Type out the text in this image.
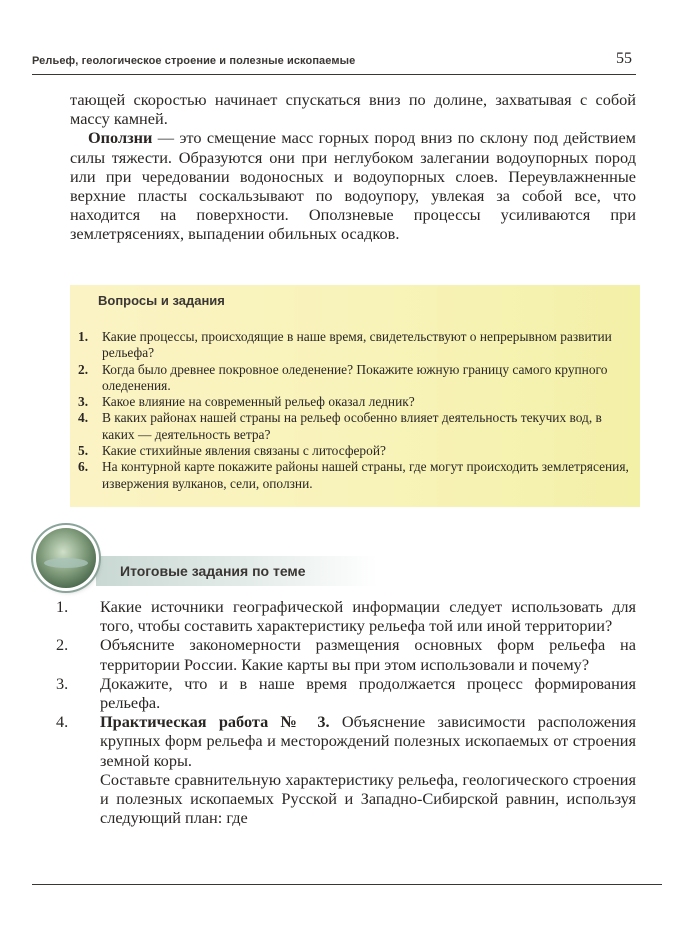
Рельеф, геологическое строение и полезные ископаемые	55

тающей скоростью начинает спускаться вниз по долине, захватывая с собой массу камней.

Оползни — это смещение масс горных пород вниз по склону под действием силы тяжести. Образуются они при неглубоком залегании водоупорных пород или при чередовании водоносных и водоупорных слоев. Переувлажненные верхние пласты соскальзывают по водоупору, увлекая за собой все, что находится на поверхности. Оползневые процессы усиливаются при землетрясениях, выпадении обильных осадков.

Вопросы и задания
1.	Какие процессы, происходящие в наше время, свидетельствуют о непрерывном развитии рельефа?
2.	Когда было древнее покровное оледенение? Покажите южную границу самого крупного оледенения.
3.	Какое влияние на современный рельеф оказал ледник?
4.	В каких районах нашей страны на рельеф особенно влияет деятельность текучих вод, в каких — деятельность ветра?
5.	Какие стихийные явления связаны с литосферой?
6.	На контурной карте покажите районы нашей страны, где могут происходить землетрясения, извержения вулканов, сели, оползни.
Итоговые задания по теме
1.	Какие источники географической информации следует использовать для того, чтобы составить характеристику рельефа той или иной территории?
2.	Объясните закономерности размещения основных форм рельефа на территории России. Какие карты вы при этом использовали и почему?
3.	Докажите, что и в наше время продолжается процесс формирования рельефа.
4.	Практическая работа № 3. Объяснение зависимости расположения крупных форм рельефа и месторождений полезных ископаемых от строения земной коры.
Составьте сравнительную характеристику рельефа, геологического строения и полезных ископаемых Русской и Западно-Сибирской равнин, используя следующий план: где
